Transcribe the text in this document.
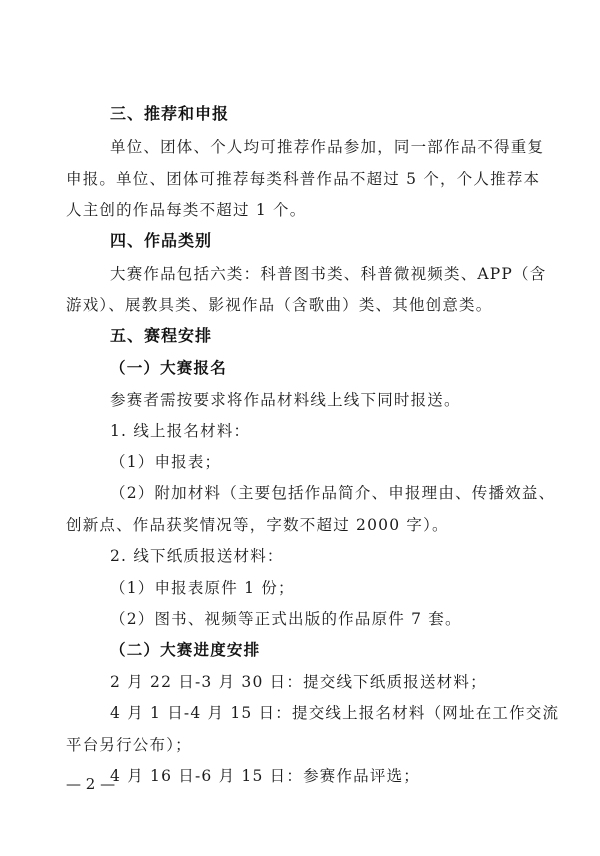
三、推荐和申报
单位、团体、个人均可推荐作品参加，同一部作品不得重复
申报。单位、团体可推荐每类科普作品不超过 5 个，个人推荐本
人主创的作品每类不超过 1 个。
四、作品类别
大赛作品包括六类：科普图书类、科普微视频类、APP（含
游戏）、展教具类、影视作品（含歌曲）类、其他创意类。
五、赛程安排
（一）大赛报名
参赛者需按要求将作品材料线上线下同时报送。
1. 线上报名材料：
（1）申报表；
（2）附加材料（主要包括作品简介、申报理由、传播效益、
创新点、作品获奖情况等，字数不超过 2000 字）。
2. 线下纸质报送材料：
（1）申报表原件 1 份；
（2）图书、视频等正式出版的作品原件 7 套。
（二）大赛进度安排
2 月 22 日-3 月 30 日：提交线下纸质报送材料；
4 月 1 日-4 月 15 日：提交线上报名材料（网址在工作交流
平台另行公布）；
4 月 16 日-6 月 15 日：参赛作品评选；
— 2 —
